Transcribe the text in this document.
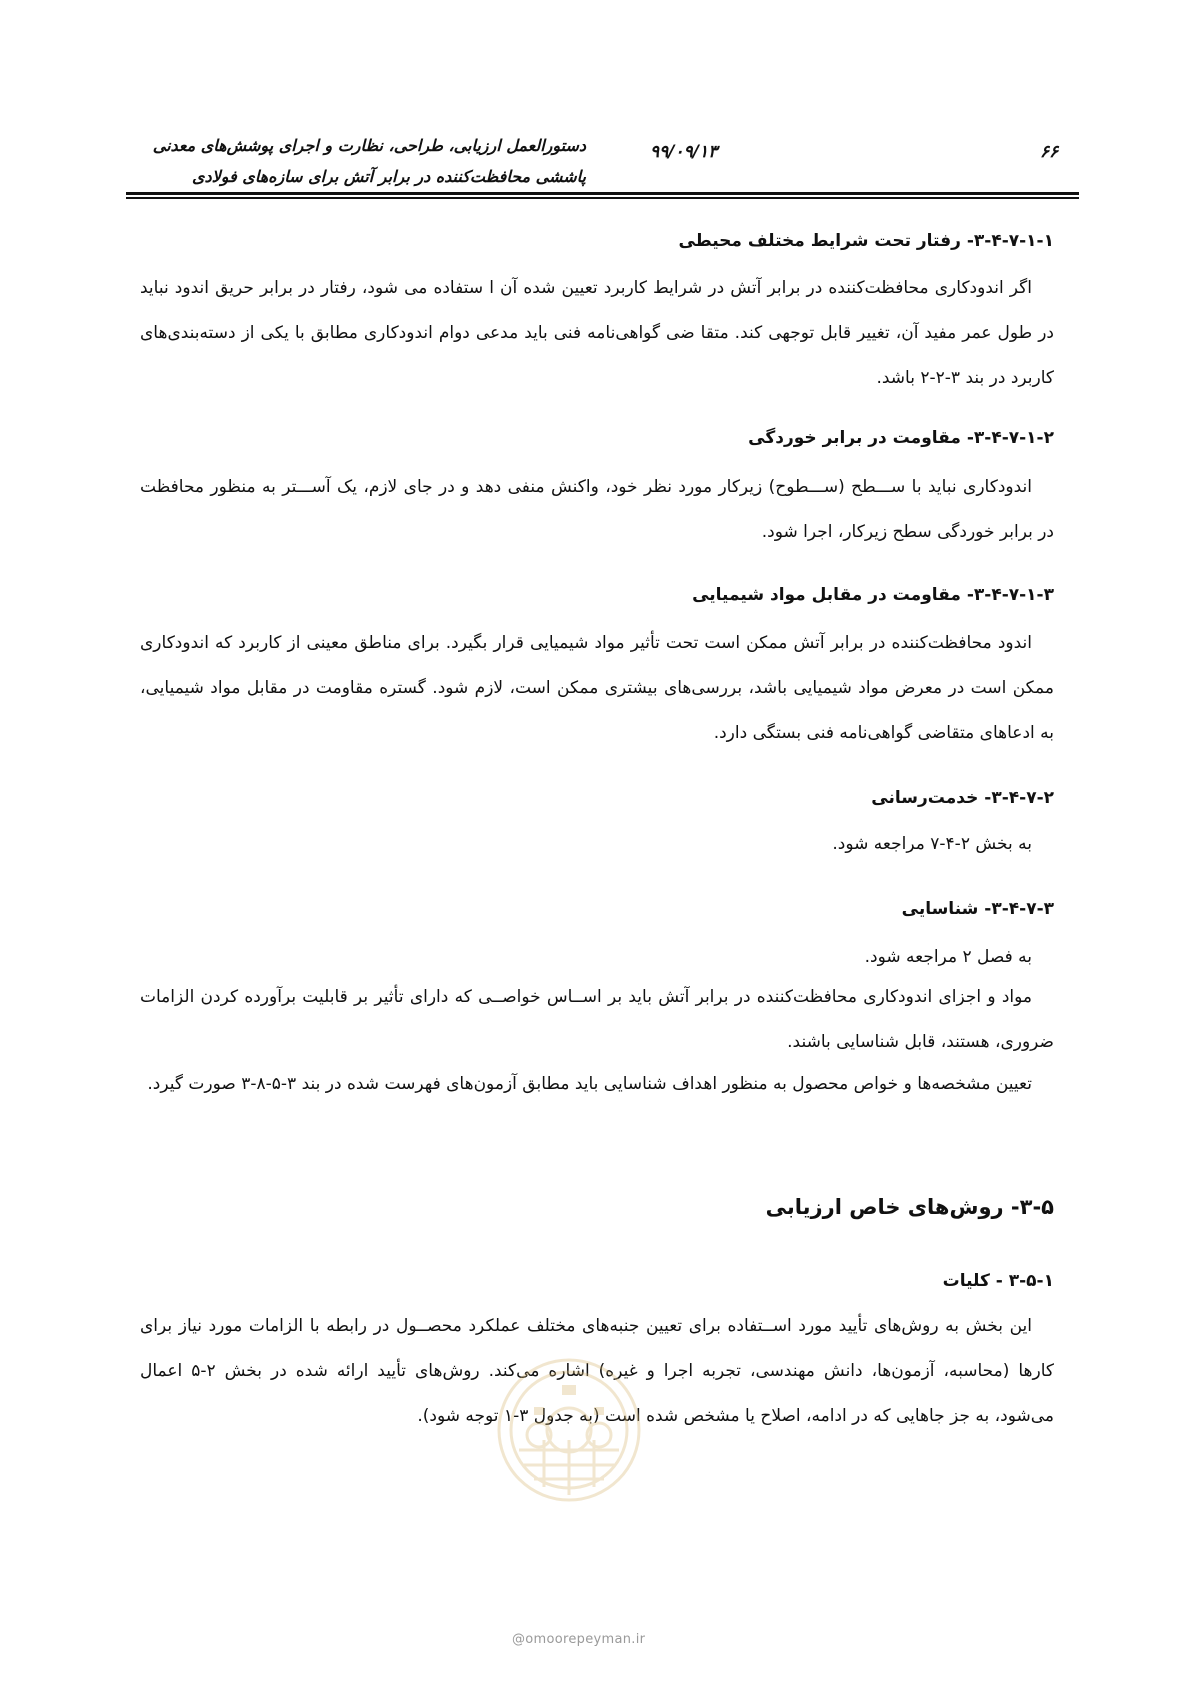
دستورالعمل ارزیابی، طراحی، نظارت و اجرای پوشش‌های معدنی
پاششی محافظت‌کننده در برابر آتش برای سازه‌های فولادی
۹۹/۰۹/۱۳	۶۶
۳-۴-۷-۱-۱- رفتار تحت شرایط مختلف محیطی
اگر اندودکاری محافظت‌کننده در برابر آتش در شرایط کاربرد تعیین شده آن ا ستفاده می شود، رفتار در برابر حریق اندود نباید در طول عمر مفید آن، تغییر قابل توجهی کند. متقا ضی گواهی‌نامه فنی باید مدعی دوام اندودکاری مطابق با یکی از دسته‌بندی‌های کاربرد در بند ۳-۲-۲ باشد.
۳-۴-۷-۱-۲- مقاومت در برابر خوردگی
اندودکاری نباید با ســـطح (ســـطوح) زیرکار مورد نظر خود، واکنش منفی دهد و در جای لازم، یک آســـتر به منظور محافظت در برابر خوردگی سطح زیرکار، اجرا شود.
۳-۴-۷-۱-۳- مقاومت در مقابل مواد شیمیایی
اندود محافظت‌کننده در برابر آتش ممکن است تحت تأثیر مواد شیمیایی قرار بگیرد. برای مناطق معینی از کاربرد که اندودکاری ممکن است در معرض مواد شیمیایی باشد، بررسی‌های بیشتری ممکن است، لازم شود. گستره مقاومت در مقابل مواد شیمیایی، به ادعاهای متقاضی گواهی‌نامه فنی بستگی دارد.
۳-۴-۷-۲- خدمت‌رسانی
به بخش ۲-۴-۷ مراجعه شود.
۳-۴-۷-۳- شناسایی
به فصل ۲ مراجعه شود.
مواد و اجزای اندودکاری محافظت‌کننده در برابر آتش باید بر اســاس خواصــی که دارای تأثیر بر قابلیت برآورده کردن الزامات ضروری، هستند، قابل شناسایی باشند.
تعیین مشخصه‌ها و خواص محصول به منظور اهداف شناسایی باید مطابق آزمون‌های فهرست شده در بند ۳-۵-۸-۳ صورت گیرد.
۳-۵- روش‌های خاص ارزیابی
۳-۵-۱ - کلیات
این بخش به روش‌های تأیید مورد اســتفاده برای تعیین جنبه‌های مختلف عملکرد محصــول در رابطه با الزامات مورد نیاز برای کارها (محاسبه، آزمون‌ها، دانش مهندسی، تجربه اجرا و غیره) اشاره می‌کند. روش‌های تأیید ارائه شده در بخش ۲-۵ اعمال می‌شود، به جز جاهایی که در ادامه، اصلاح یا مشخص شده است (به جدول ۳-۱ توجه شود).
@omoorepeyman.ir
